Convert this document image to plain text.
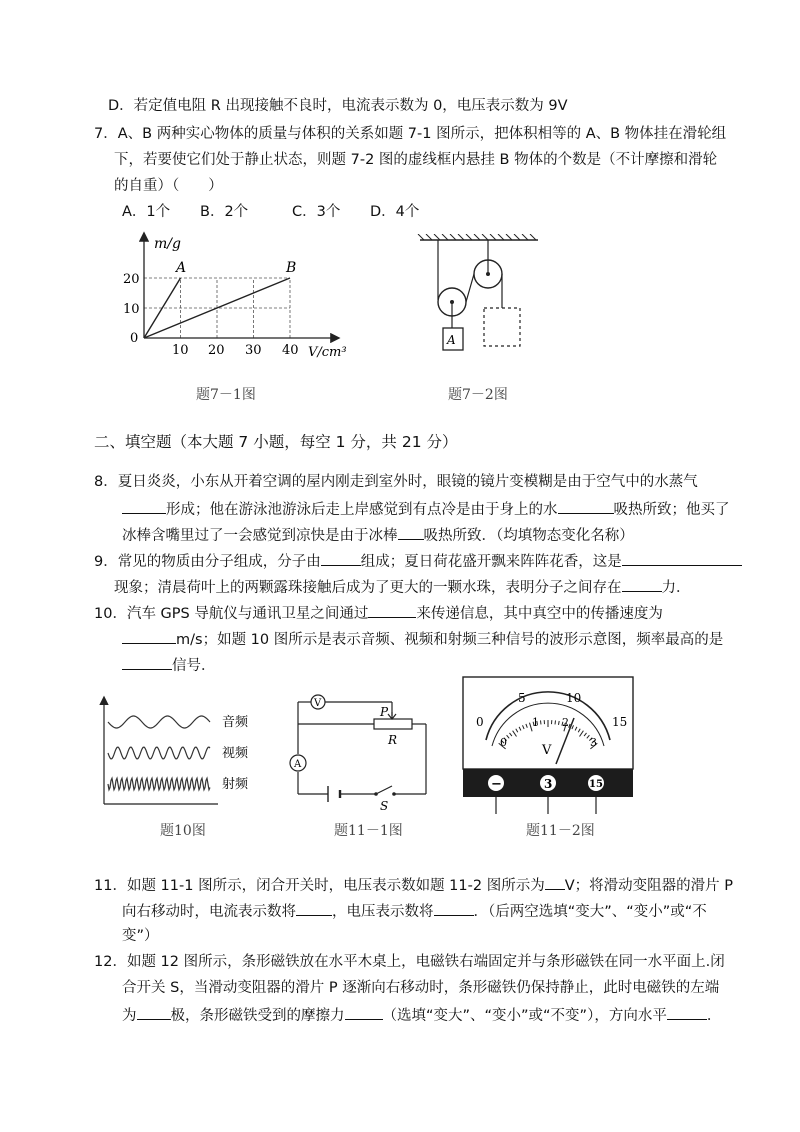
D．若定值电阻 R 出现接触不良时，电流表示数为 0，电压表示数为 9V
7．A、B 两种实心物体的质量与体积的关系如题 7-1 图所示，把体积相等的 A、B 物体挂在滑轮组
下，若要使它们处于静止状态，则题 7-2 图的虚线框内悬挂 B 物体的个数是（不计摩擦和滑轮
的自重）（　　）
A．1个 B．2个	C．3个 D．4个
m/g
V/cm³
0
10
20
10 20 30 40
A	B
题7－1图
A
题7－2图
二、填空题（本大题 7 小题，每空 1 分，共 21 分）
8．夏日炎炎，小东从开着空调的屋内刚走到室外时，眼镜的镜片变模糊是由于空气中的水蒸气
形成；他在游泳池游泳后走上岸感觉到有点冷是由于身上的水	吸热所致；他买了
冰棒含嘴里过了一会感觉到凉快是由于冰棒 吸热所致．（均填物态变化名称）
9．常见的物质由分子组成，分子由	组成；夏日荷花盛开飘来阵阵花香，这是
现象；清晨荷叶上的两颗露珠接触后成为了更大的一颗水珠，表明分子之间存在	力．
10．汽车 GPS 导航仪与通讯卫星之间通过	来传递信息，其中真空中的传播速度为
m/s；如题 10 图所示是表示音频、视频和射频三种信号的波形示意图，频率最高的是
信号．
音频
视频
射频
题10图
V
A
P
R
S
题11－1图
0
5	10
15
0
1 2
3
V
−	3	15
题11－2图
11．如题 11-1 图所示，闭合开关时，电压表示数如题 11-2 图所示为 V；将滑动变阻器的滑片 P
向右移动时，电流表示数将 ，电压表示数将	．（后两空选填“变大”、“变小”或“不
变”）
12．如题 12 图所示，条形磁铁放在水平木桌上，电磁铁右端固定并与条形磁铁在同一水平面上.闭
合开关 S，当滑动变阻器的滑片 P 逐渐向右移动时，条形磁铁仍保持静止，此时电磁铁的左端
为 极，条形磁铁受到的摩擦力	（选填“变大”、“变小”或“不变”），方向水平	．
